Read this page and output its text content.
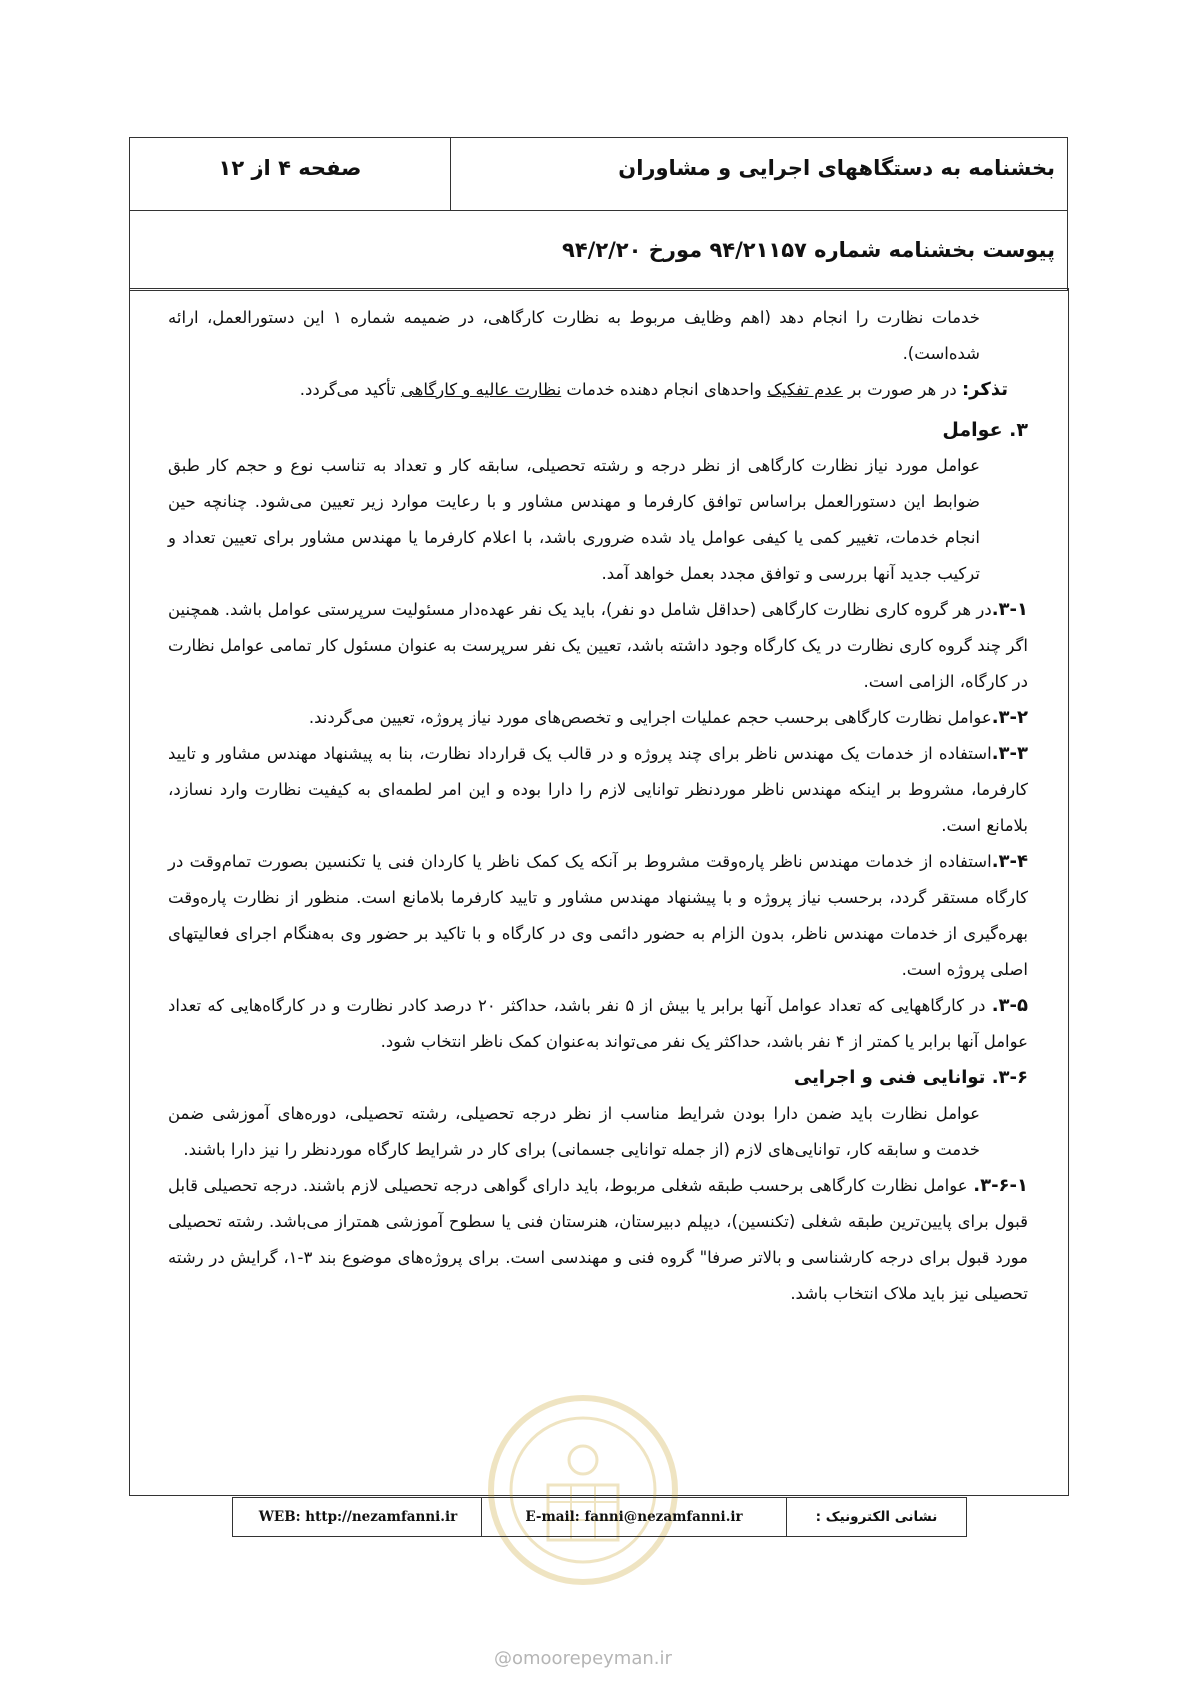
بخشنامه به دستگاههای اجرایی و مشاوران
صفحه ۴ از ۱۲
پیوست بخشنامه شماره ۹۴/۲۱۱۵۷ مورخ ۹۴/۲/۲۰

خدمات نظارت را انجام دهد (اهم وظایف مربوط به نظارت کارگاهی، در ضمیمه شماره ۱ این دستورالعمل، ارائه

شده‌است).

تذکر: در هر صورت بر عدم تفکیک واحدهای انجام دهنده خدمات نظارت عالیه و کارگاهی تأکید می‌گردد.

۳. عوامل

عوامل مورد نیاز نظارت کارگاهی از نظر درجه و رشته تحصیلی، سابقه کار و تعداد به تناسب نوع و حجم کار طبق ضوابط این دستورالعمل براساس توافق کارفرما و مهندس مشاور و با رعایت موارد زیر تعیین می‌شود. چنانچه حین انجام خدمات، تغییر کمی یا کیفی عوامل یاد شده ضروری باشد، با اعلام کارفرما یا مهندس مشاور برای تعیین تعداد و ترکیب جدید آنها بررسی و توافق مجدد بعمل خواهد آمد.

۳-۱.در هر گروه کاری نظارت کارگاهی (حداقل شامل دو نفر)، باید یک نفر عهده‌دار مسئولیت سرپرستی عوامل باشد. همچنین اگر چند گروه کاری نظارت در یک کارگاه وجود داشته باشد، تعیین یک نفر سرپرست به عنوان مسئول کار تمامی عوامل نظارت در کارگاه، الزامی است.

۳-۲.عوامل نظارت کارگاهی برحسب حجم عملیات اجرایی و تخصص‌های مورد نیاز پروژه، تعیین می‌گردند.

۳-۳.استفاده از خدمات یک مهندس ناظر برای چند پروژه و در قالب یک قرارداد نظارت، بنا به پیشنهاد مهندس مشاور و تایید کارفرما، مشروط بر اینکه مهندس ناظر موردنظر توانایی لازم را دارا بوده و این امر لطمه‌ای به کیفیت نظارت وارد نسازد، بلامانع است.

۳-۴.استفاده از خدمات مهندس ناظر پاره‌وقت مشروط بر آنکه یک کمک ناظر یا کاردان فنی یا تکنسین بصورت تمام‌وقت در کارگاه مستقر گردد، برحسب نیاز پروژه و با پیشنهاد مهندس مشاور و تایید کارفرما بلامانع است. منظور از نظارت پاره‌وقت بهره‌گیری از خدمات مهندس ناظر، بدون الزام به حضور دائمی وی در کارگاه و با تاکید بر حضور وی به‌هنگام اجرای فعالیتهای اصلی پروژه است.

۳-۵. در کارگاههایی که تعداد عوامل آنها برابر یا بیش از ۵ نفر باشد، حداکثر ۲۰ درصد کادر نظارت و در کارگاه‌هایی که تعداد عوامل آنها برابر یا کمتر از ۴ نفر باشد، حداکثر یک نفر می‌تواند به‌عنوان کمک ناظر انتخاب شود.

۳-۶. توانایی فنی و اجرایی

عوامل نظارت باید ضمن دارا بودن شرایط مناسب از نظر درجه تحصیلی، رشته تحصیلی، دوره‌های آموزشی ضمن خدمت و سابقه کار، توانایی‌های لازم (از جمله توانایی جسمانی) برای کار در شرایط کارگاه موردنظر را نیز دارا باشند.

۳-۶-۱. عوامل نظارت کارگاهی برحسب طبقه شغلی مربوط، باید دارای گواهی درجه تحصیلی لازم باشند. درجه تحصیلی قابل قبول برای پایین‌ترین طبقه شغلی (تکنسین)، دیپلم دبیرستان، هنرستان فنی یا سطوح آموزشی همتراز می‌باشد. رشته تحصیلی مورد قبول برای درجه کارشناسی و بالاتر صرفا" گروه فنی و مهندسی است. برای پروژه‌های موضوع بند ۳-۱، گرایش در رشته تحصیلی نیز باید ملاک انتخاب باشد.

نشانی الکترونیک :
E-mail: fanni@nezamfanni.ir
WEB: http://nezamfanni.ir
@omoorepeyman.ir
